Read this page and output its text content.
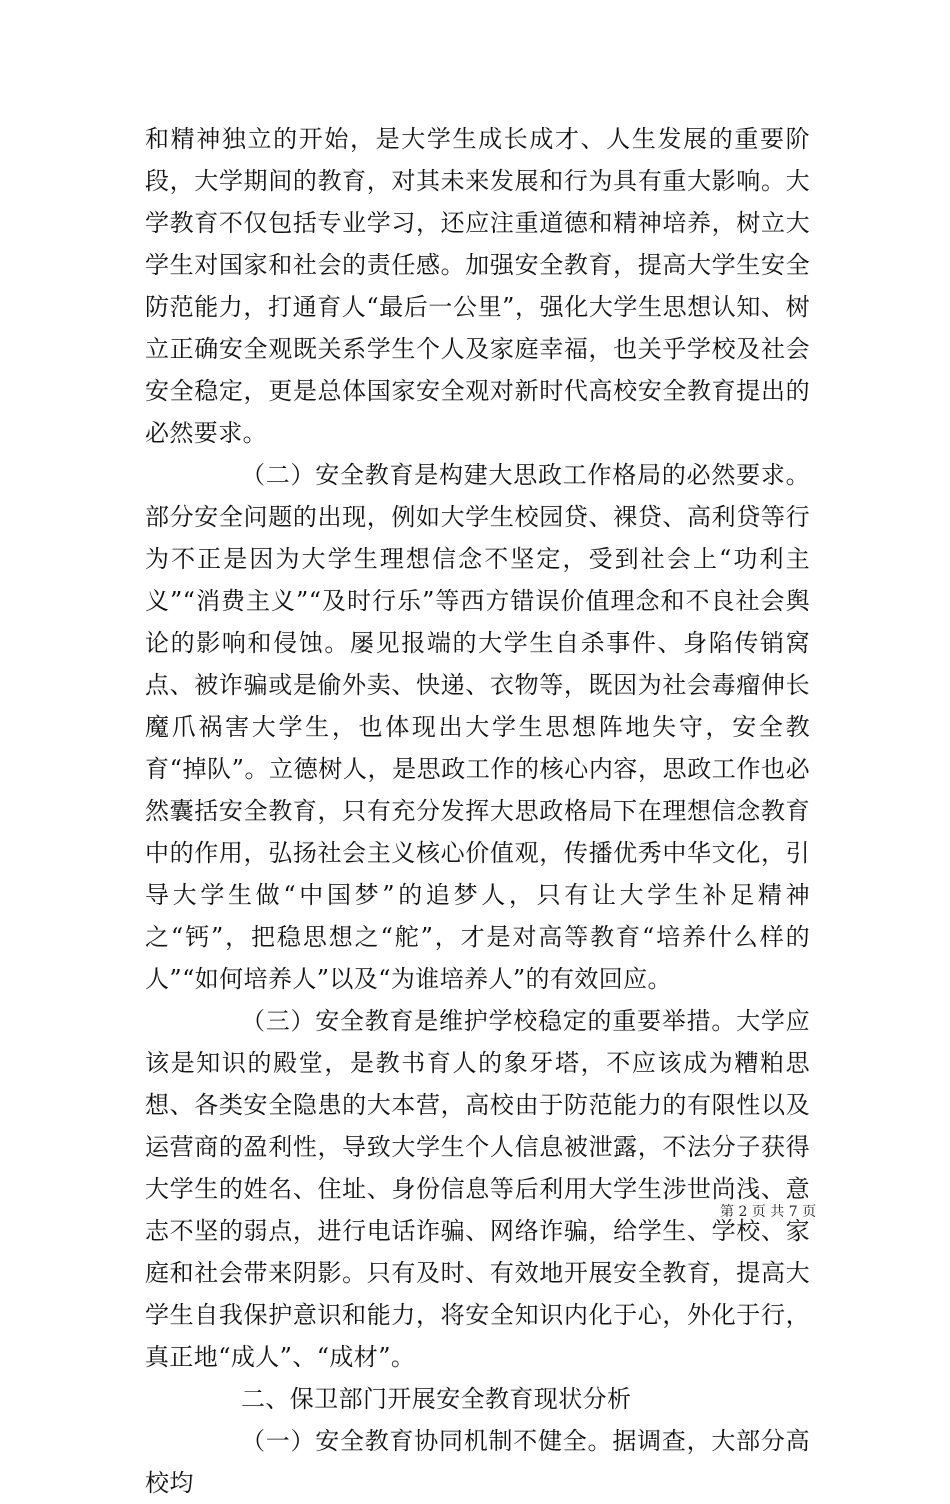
和精神独立的开始，是大学生成长成才、人生发展的重要阶段，大学期间的教育，对其未来发展和行为具有重大影响。大学教育不仅包括专业学习，还应注重道德和精神培养，树立大学生对国家和社会的责任感。加强安全教育，提高大学生安全防范能力，打通育人“最后一公里”，强化大学生思想认知、树立正确安全观既关系学生个人及家庭幸福，也关乎学校及社会安全稳定，更是总体国家安全观对新时代高校安全教育提出的必然要求。

（二）安全教育是构建大思政工作格局的必然要求。部分安全问题的出现，例如大学生校园贷、裸贷、高利贷等行为不正是因为大学生理想信念不坚定，受到社会上“功利主义”“消费主义”“及时行乐”等西方错误价值理念和不良社会舆论的影响和侵蚀。屡见报端的大学生自杀事件、身陷传销窝点、被诈骗或是偷外卖、快递、衣物等，既因为社会毒瘤伸长魔爪祸害大学生，也体现出大学生思想阵地失守，安全教育“掉队”。立德树人，是思政工作的核心内容，思政工作也必然囊括安全教育，只有充分发挥大思政格局下在理想信念教育中的作用，弘扬社会主义核心价值观，传播优秀中华文化，引导大学生做“中国梦”的追梦人，只有让大学生补足精神之“钙”，把稳思想之“舵”，才是对高等教育“培养什么样的人”“如何培养人”以及“为谁培养人”的有效回应。

（三）安全教育是维护学校稳定的重要举措。大学应该是知识的殿堂，是教书育人的象牙塔，不应该成为糟粕思想、各类安全隐患的大本营，高校由于防范能力的有限性以及运营商的盈利性，导致大学生个人信息被泄露，不法分子获得大学生的姓名、住址、身份信息等后利用大学生涉世尚浅、意志不坚的弱点，进行电话诈骗、网络诈骗，给学生、学校、家庭和社会带来阴影。只有及时、有效地开展安全教育，提高大学生自我保护意识和能力，将安全知识内化于心，外化于行，真正地“成人”、“成材”。

二、保卫部门开展安全教育现状分析

（一）安全教育协同机制不健全。据调查，大部分高校均

第 2 页 共 7 页
